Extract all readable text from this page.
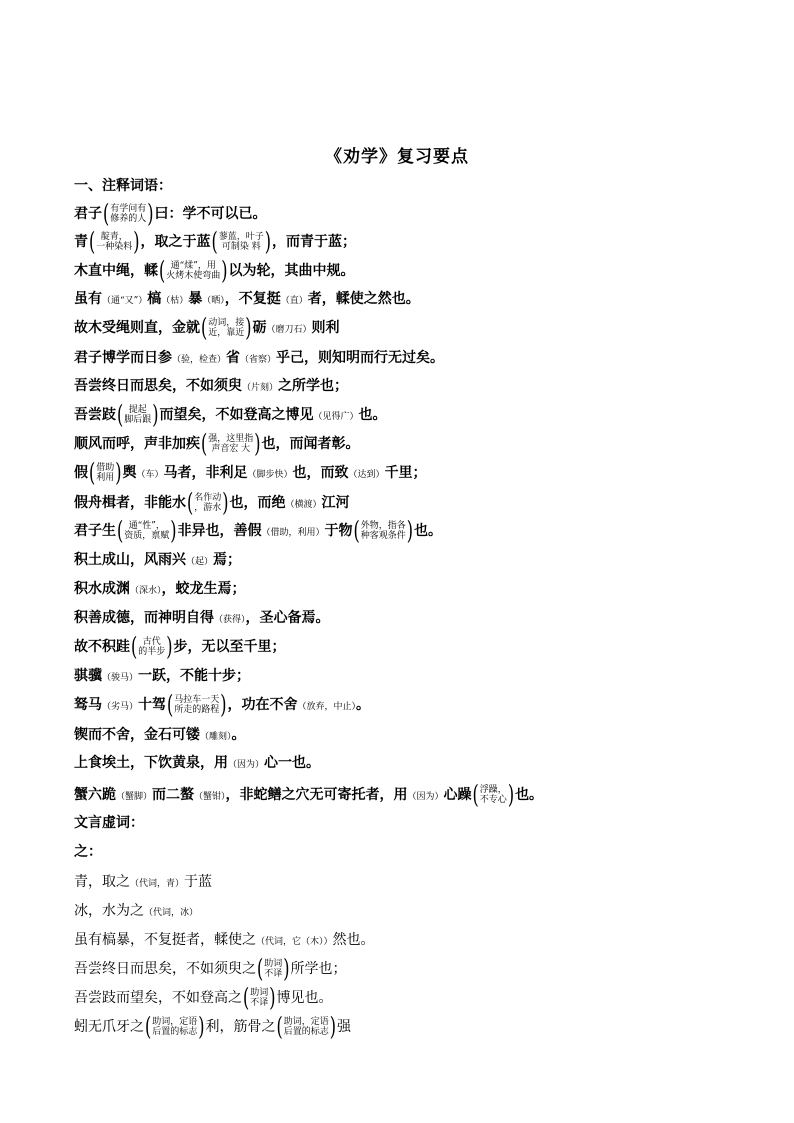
《劝学》复习要点
一、注释词语：
君子 ( 有学问有
修养的人 ) 曰：学不可以已。
青 ( 靛青，
一种染料 ) ，取之于蓝 ( 蓼蓝，叶子
可制染 料 ) ，而青于蓝；
木直中绳，輮 ( 通“煣”，用
火烤木使弯曲 ) 以为轮，其曲中规。
虽有（通“又”）槁（枯）暴（晒），不复挺（直）者，輮使之然也。
故木受绳则直，金就 ( 动词，接
近，靠近 ) 砺（磨刀石）则利
君子博学而日参（验，检查）省（省察）乎己，则知明而行无过矣。
吾尝终日而思矣，不如须臾（片刻）之所学也；
吾尝跂 ( 提起
脚后跟 ) 而望矣，不如登高之博见（见得广）也。
顺风而呼，声非加疾 ( 强，这里指
声音宏 大 ) 也，而闻者彰。
假 ( 借助
利用 ) 舆（车）马者，非利足（脚步快）也，而致（达到）千里；
假舟楫者，非能水 ( 名作动
，游水 ) 也，而绝（横渡）江河
君子生 ( 通“性”，
资质，禀赋 ) 非异也，善假（借助，利用）于物 ( 外物，指各
种客观条件 ) 也。
积土成山，风雨兴（起）焉；
积水成渊（深水），蛟龙生焉；
积善成德，而神明自得（获得），圣心备焉。
故不积跬 ( 古代
的半步 ) 步，无以至千里；
骐骥（骏马）一跃，不能十步；
驽马（劣马）十驾 ( 马拉车一天
所走的路程 ) ，功在不舍（放弃，中止）。
锲而不舍，金石可镂（雕刻）。
上食埃土，下饮黄泉，用（因为）心一也。
蟹六跪（蟹脚）而二螯（蟹钳），非蛇鳝之穴无可寄托者，用（因为）心躁 ( 浮躁，
不专心 ) 也。
文言虚词：
之：
青，取之（代词，青）于蓝
冰，水为之（代词，冰）
虽有槁暴，不复挺者，輮使之（代词，它（木））然也。
吾尝终日而思矣，不如须臾之 ( 助词
不译 ) 所学也；
吾尝跂而望矣，不如登高之 ( 助词
不译 ) 博见也。
蚓无爪牙之 ( 助词，定语
后置的标志 ) 利，筋骨之 ( 助词，定语
后置的标志 ) 强
